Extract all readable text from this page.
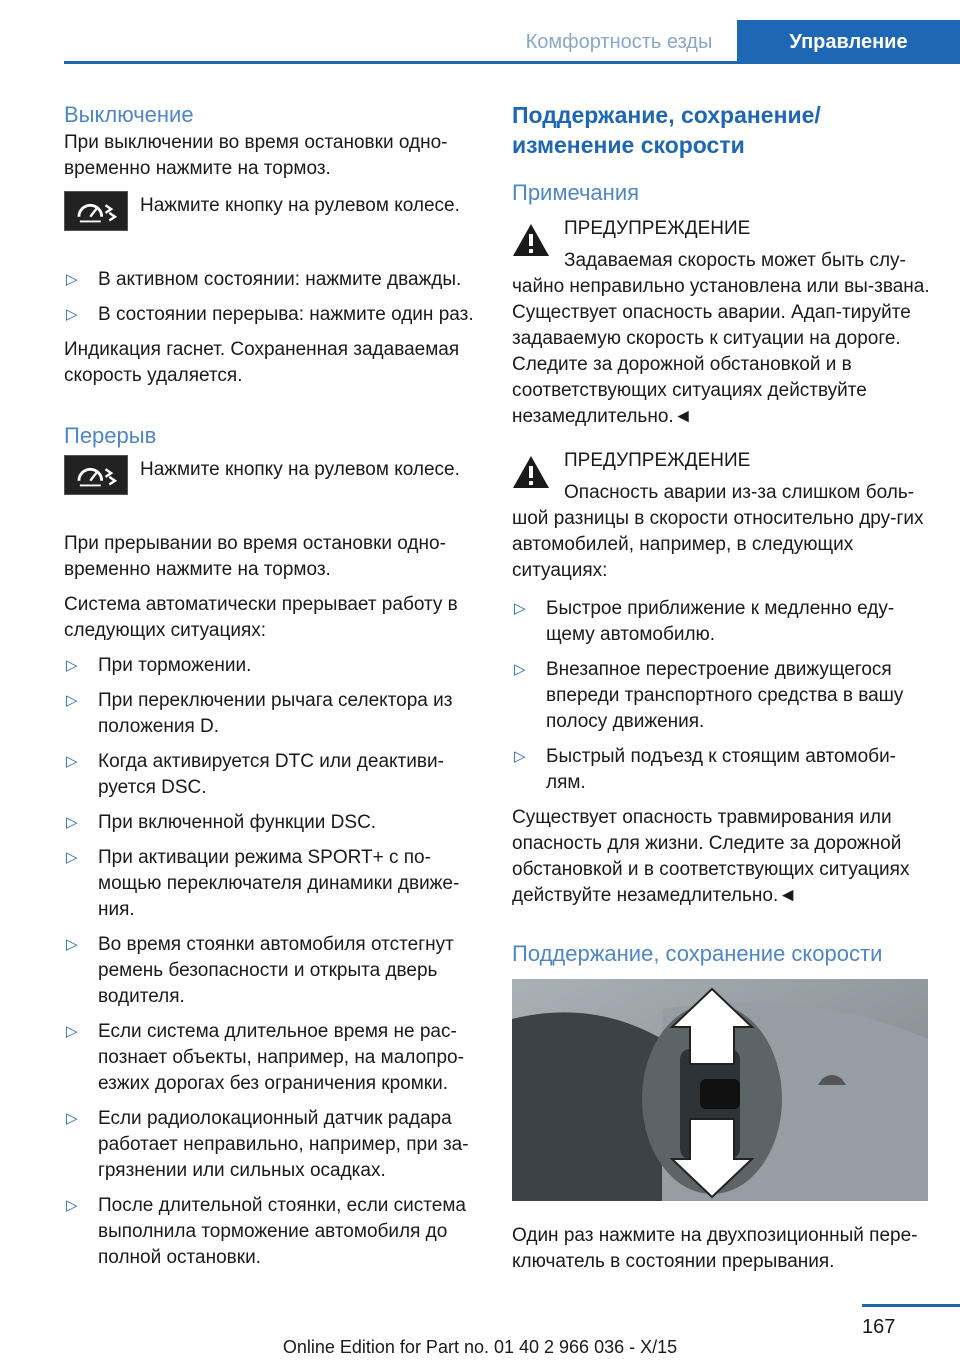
Комфортность езды	Управление
Выключение

При выключении во время остановки одно-временно нажмите на тормоз.

Нажмите кнопку на рулевом колесе.
▷ В активном состоянии: нажмите дважды.
▷ В состоянии перерыва: нажмите один раз.

Индикация гаснет. Сохраненная задаваемая скорость удаляется.

Перерыв
Нажмите кнопку на рулевом колесе.

При прерывании во время остановки одно-временно нажмите на тормоз.

Система автоматически прерывает работу в следующих ситуациях:

▷ При торможении.
▷ При переключении рычага селектора из положения D.
▷ Когда активируется DTC или деактиви-руется DSC.
▷ При включенной функции DSC.
▷ При активации режима SPORT+ с по-мощью переключателя динамики движе-ния.
▷ Во время стоянки автомобиля отстегнут ремень безопасности и открыта дверь водителя.
▷ Если система длительное время не рас-познает объекты, например, на малопро-езжих дорогах без ограничения кромки.
▷ Если радиолокационный датчик радара работает неправильно, например, при за-грязнении или сильных осадках.
▷ После длительной стоянки, если система выполнила торможение автомобиля до полной остановки.
Поддержание, сохранение/изменение скорости
Примечания
ПРЕДУПРЕЖДЕНИЕ

Задаваемая скорость может быть слу-чайно неправильно установлена или вы-звана. Существует опасность аварии. Адап-тируйте задаваемую скорость к ситуации на дороге. Следите за дорожной обстановкой и в соответствующих ситуациях действуйте незамедлительно.◄

ПРЕДУПРЕЖДЕНИЕ

Опасность аварии из-за слишком боль-шой разницы в скорости относительно дру-гих автомобилей, например, в следующих ситуациях:

▷ Быстрое приближение к медленно еду-щему автомобилю.
▷ Внезапное перестроение движущегося впереди транспортного средства в вашу полосу движения.
▷ Быстрый подъезд к стоящим автомоби-лям.

Существует опасность травмирования или опасность для жизни. Следите за дорожной обстановкой и в соответствующих ситуациях действуйте незамедлительно.◄

Поддержание, сохранение скорости

Один раз нажмите на двухпозиционный пере-ключатель в состоянии прерывания.

167
Online Edition for Part no. 01 40 2 966 036 - X/15
